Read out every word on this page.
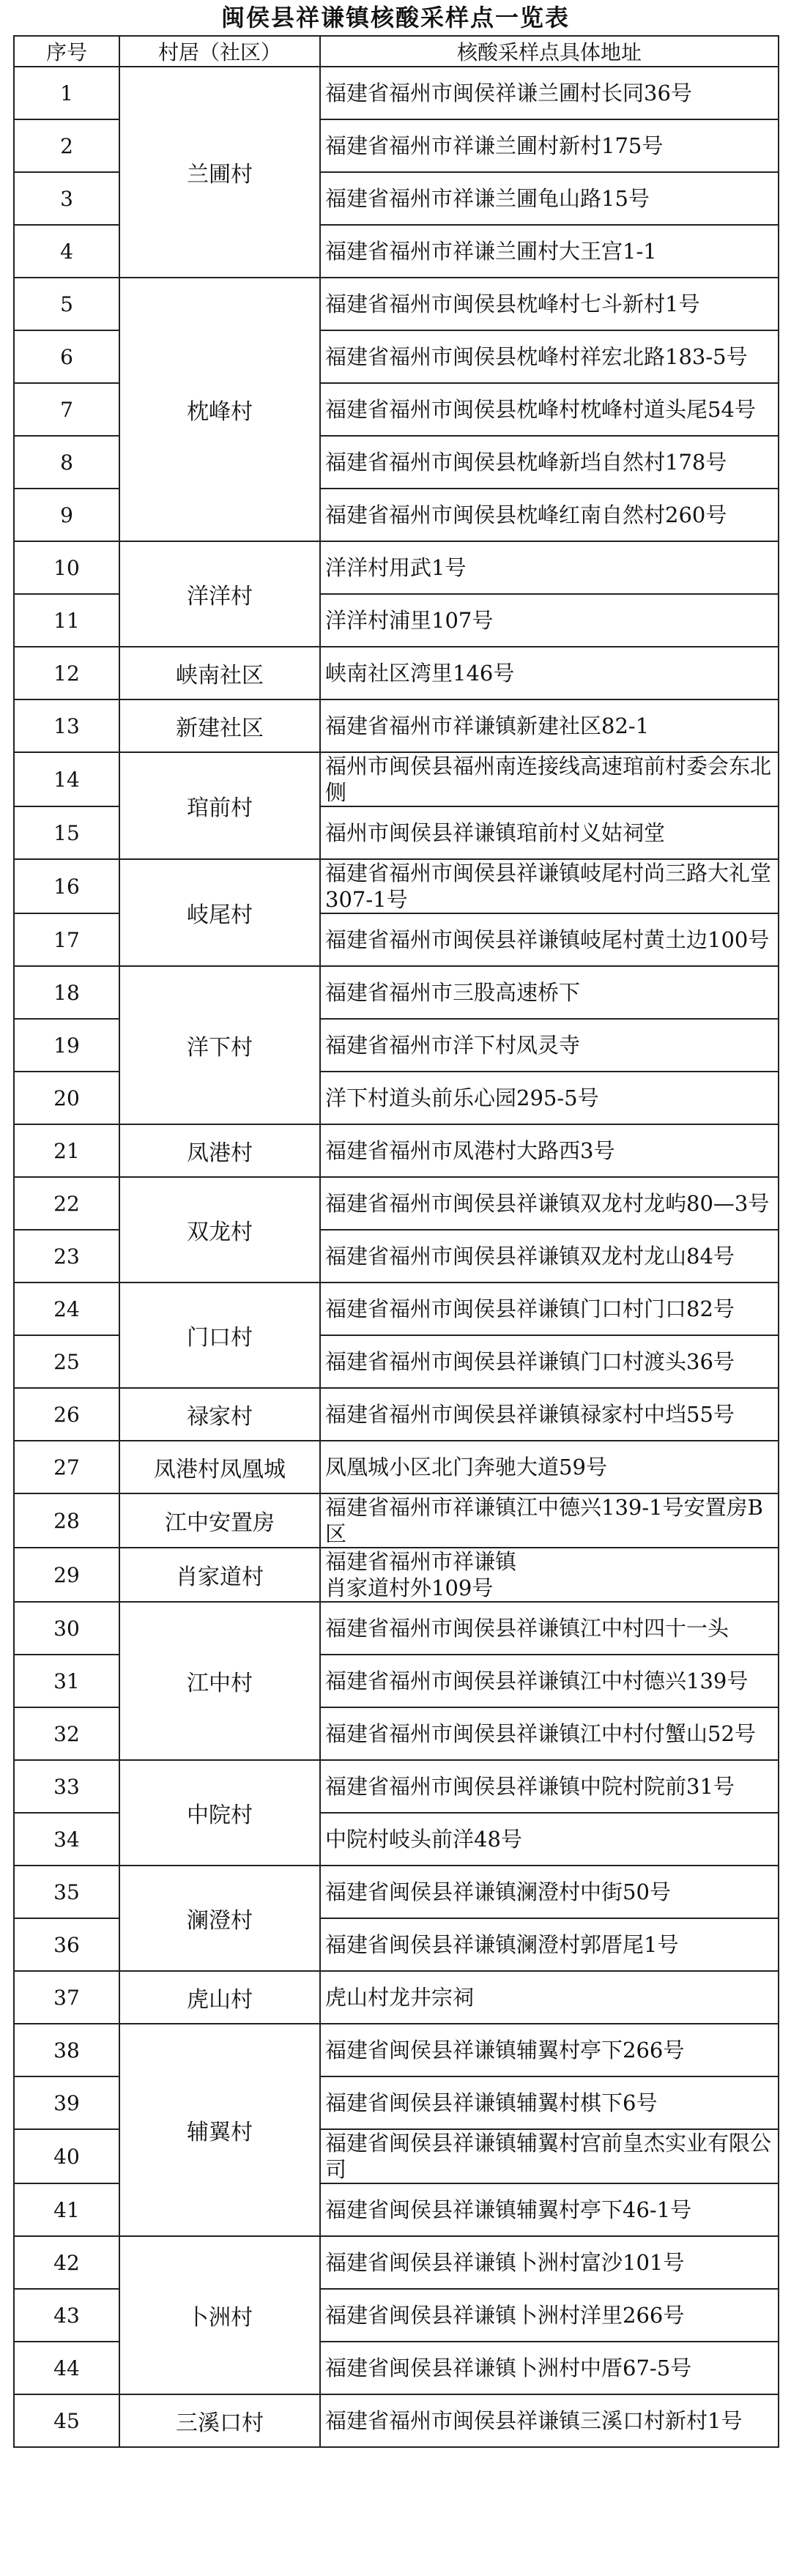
闽侯县祥谦镇核酸采样点一览表
序号	村居（社区）	核酸采样点具体地址
1	兰圃村	福建省福州市闽侯祥谦兰圃村长同36号
2		福建省福州市祥谦兰圃村新村175号
3		福建省福州市祥谦兰圃龟山路15号
4		福建省福州市祥谦兰圃村大王宫1-1
5	枕峰村	福建省福州市闽侯县枕峰村七斗新村1号
6		福建省福州市闽侯县枕峰村祥宏北路183-5号
7		福建省福州市闽侯县枕峰村枕峰村道头尾54号
8		福建省福州市闽侯县枕峰新垱自然村178号
9		福建省福州市闽侯县枕峰红南自然村260号
10	洋洋村	洋洋村用武1号
11		洋洋村浦里107号
12	峡南社区	峡南社区湾里146号
13	新建社区	福建省福州市祥谦镇新建社区82-1
14	琯前村	福州市闽侯县福州南连接线高速琯前村委会东北侧
15		福州市闽侯县祥谦镇琯前村义姑祠堂
16	岐尾村	福建省福州市闽侯县祥谦镇岐尾村尚三路大礼堂307-1号
17		福建省福州市闽侯县祥谦镇岐尾村黄土边100号
18	洋下村	福建省福州市三股高速桥下
19		福建省福州市洋下村凤灵寺
20		洋下村道头前乐心园295-5号
21	凤港村	福建省福州市凤港村大路西3号
22	双龙村	福建省福州市闽侯县祥谦镇双龙村龙屿80—3号
23		福建省福州市闽侯县祥谦镇双龙村龙山84号
24	门口村	福建省福州市闽侯县祥谦镇门口村门口82号
25		福建省福州市闽侯县祥谦镇门口村渡头36号
26	禄家村	福建省福州市闽侯县祥谦镇禄家村中垱55号
27	凤港村凤凰城	凤凰城小区北门奔驰大道59号
28	江中安置房	福建省福州市祥谦镇江中德兴139-1号安置房B区
29	肖家道村	福建省福州市祥谦镇
肖家道村外109号
30	江中村	福建省福州市闽侯县祥谦镇江中村四十一头
31		福建省福州市闽侯县祥谦镇江中村德兴139号
32		福建省福州市闽侯县祥谦镇江中村付蟹山52号
33	中院村	福建省福州市闽侯县祥谦镇中院村院前31号
34		中院村岐头前洋48号
35	澜澄村	福建省闽侯县祥谦镇澜澄村中街50号
36		福建省闽侯县祥谦镇澜澄村郭厝尾1号
37	虎山村	虎山村龙井宗祠
38	辅翼村	福建省闽侯县祥谦镇辅翼村亭下266号
39		福建省闽侯县祥谦镇辅翼村棋下6号
40		福建省闽侯县祥谦镇辅翼村宫前皇杰实业有限公司
41		福建省闽侯县祥谦镇辅翼村亭下46-1号
42	卜洲村	福建省闽侯县祥谦镇卜洲村富沙101号
43		福建省闽侯县祥谦镇卜洲村洋里266号
44		福建省闽侯县祥谦镇卜洲村中厝67-5号
45	三溪口村	福建省福州市闽侯县祥谦镇三溪口村新村1号
